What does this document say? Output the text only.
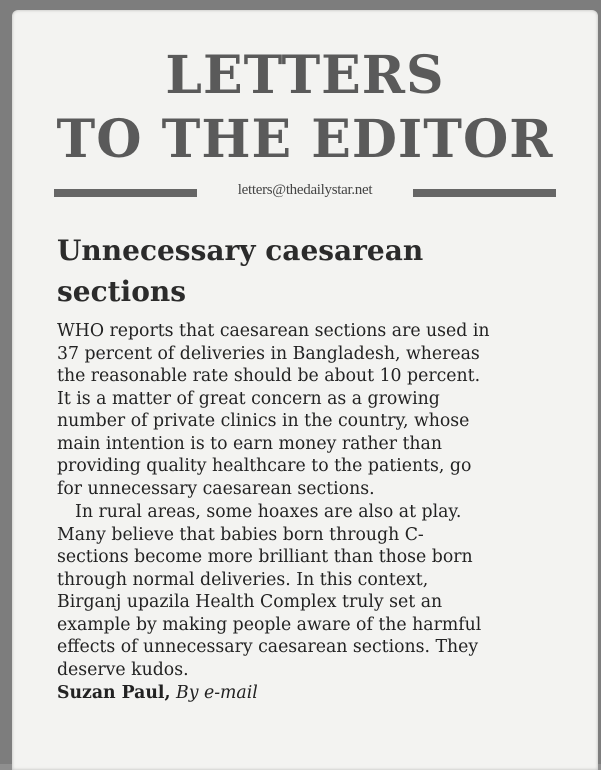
LETTERS
TO THE EDITOR
letters@thedailystar.net
Unnecessary caesarean
sections

WHO reports that caesarean sections are used in
37 percent of deliveries in Bangladesh, whereas
the reasonable rate should be about 10 percent.
It is a matter of great concern as a growing
number of private clinics in the country, whose
main intention is to earn money rather than
providing quality healthcare to the patients, go
for unnecessary caesarean sections.

In rural areas, some hoaxes are also at play.
Many believe that babies born through C-
sections become more brilliant than those born
through normal deliveries. In this context,
Birganj upazila Health Complex truly set an
example by making people aware of the harmful
effects of unnecessary caesarean sections. They
deserve kudos.

Suzan Paul, By e-mail
